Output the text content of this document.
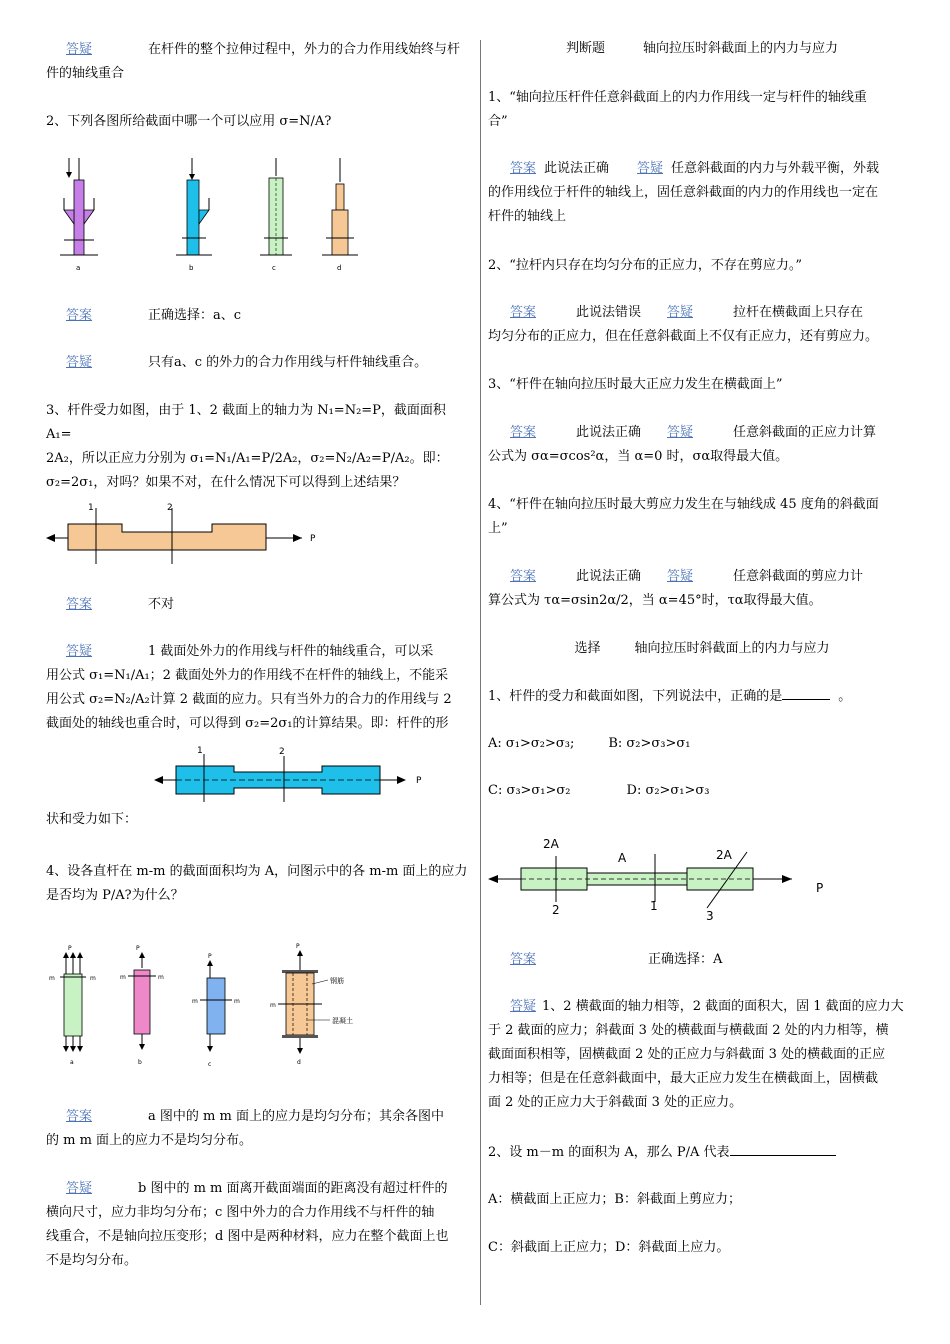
答疑	在杆件的整个拉伸过程中，外力的合力作用线始终与杆件的轴线重合
2、下列各图所给截面中哪一个可以应用 σ=N/A?
a	b	c	d
答案	正确选择：a、c
答疑	只有a、c 的外力的合力作用线与杆件轴线重合。
3、杆件受力如图，由于 1、2 截面上的轴力为 N₁=N₂=P，截面面积 A₁=
2A₂，所以正应力分别为 σ₁=N₁/A₁=P/2A₂，σ₂=N₂/A₂=P/A₂。即：
σ₂=2σ₁，对吗？如果不对，在什么情况下可以得到上述结果？
1	2
P
答案	不对
答疑	1 截面处外力的作用线与杆件的轴线重合，可以采
用公式 σ₁=N₁/A₁；2 截面处外力的作用线不在杆件的轴线上，不能采
用公式 σ₂=N₂/A₂计算 2 截面的应力。只有当外力的合力的作用线与 2
截面处的轴线也重合时，可以得到 σ₂=2σ₁的计算结果。即：杆件的形
1	2
P
状和受力如下：
4、设各直杆在 m-m 的截面面积均为 A，问图示中的各 m-m 面上的应力
是否均为 P/A?为什么？
P
m	m
a
P
m	m
b
P
m	m
c
P
m
钢筋
混凝土
d
答案	a 图中的 m m 面上的应力是均匀分布；其余各图中
的 m m 面上的应力不是均匀分布。
答疑	b 图中的 m m 面离开截面端面的距离没有超过杆件的
横向尺寸，应力非均匀分布；c 图中外力的合力作用线不与杆件的轴
线重合，不是轴向拉压变形；d 图中是两种材料，应力在整个截面上也
不是均匀分布。
判断题	轴向拉压时斜截面上的内力与应力
1、“轴向拉压杆件任意斜截面上的内力作用线一定与杆件的轴线重
合”
答案 此说法正确 答疑 任意斜截面的内力与外载平衡，外载
的作用线位于杆件的轴线上，固任意斜截面的内力的作用线也一定在
杆件的轴线上
2、“拉杆内只存在均匀分布的正应力，不存在剪应力。”
答案	此说法错误 答疑	拉杆在横截面上只存在
均匀分布的正应力，但在任意斜截面上不仅有正应力，还有剪应力。
3、“杆件在轴向拉压时最大正应力发生在横截面上”
答案	此说法正确 答疑	任意斜截面的正应力计算
公式为 σα=σcos²α，当 α=0 时，σα取得最大值。
4、“杆件在轴向拉压时最大剪应力发生在与轴线成 45 度角的斜截面
上”
答案	此说法正确 答疑	任意斜截面的剪应力计
算公式为 τα=σsin2α/2，当 α=45°时，τα取得最大值。
选择	轴向拉压时斜截面上的内力与应力
1、杆件的受力和截面如图，下列说法中，正确的是	。
A: σ₁>σ₂>σ₃;	B: σ₂>σ₃>σ₁
C: σ₃>σ₁>σ₂	D: σ₂>σ₁>σ₃
2A
A	2A
2	1
3
P
答案	正确选择：A
答疑 1、2 横截面的轴力相等，2 截面的面积大，固 1 截面的应力大
于 2 截面的应力；斜截面 3 处的横截面与横截面 2 处的内力相等，横
截面面积相等，固横截面 2 处的正应力与斜截面 3 处的横截面的正应
力相等；但是在任意斜截面中，最大正应力发生在横截面上，固横截
面 2 处的正应力大于斜截面 3 处的正应力。
2、设 m－m 的面积为 A，那么 P/A 代表
A：横截面上正应力；B：斜截面上剪应力；
C：斜截面上正应力；D：斜截面上应力。
